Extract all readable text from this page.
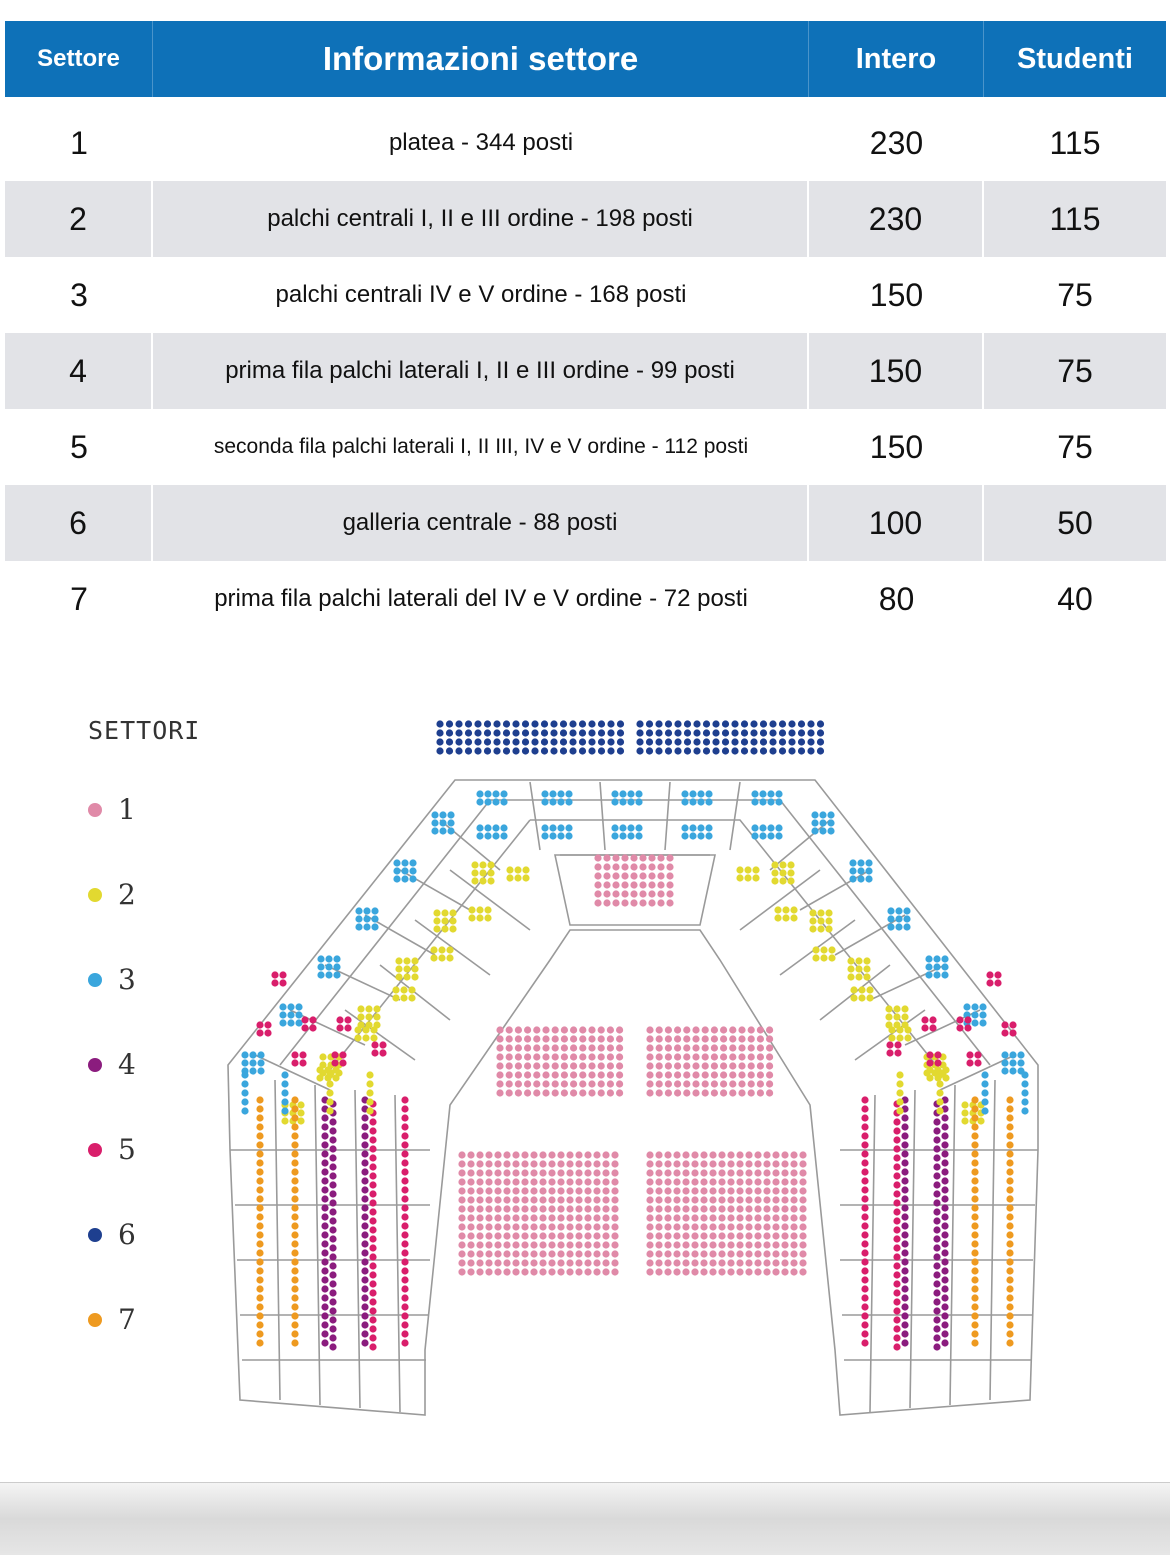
Settore	Informazioni settore	Intero	Studenti
1	platea - 344 posti	230	115
2	palchi centrali I, II e III ordine - 198 posti	230	115
3	palchi centrali IV e V ordine - 168 posti	150	75
4	prima fila palchi laterali I, II e III ordine - 99 posti	150	75
5	seconda fila palchi laterali I, II III, IV e V ordine - 112 posti	150	75
6	galleria centrale - 88 posti	100	50
7	prima fila palchi laterali del IV e V ordine - 72 posti	80	40
SETTORI
1
2
3
4
5
6
7
